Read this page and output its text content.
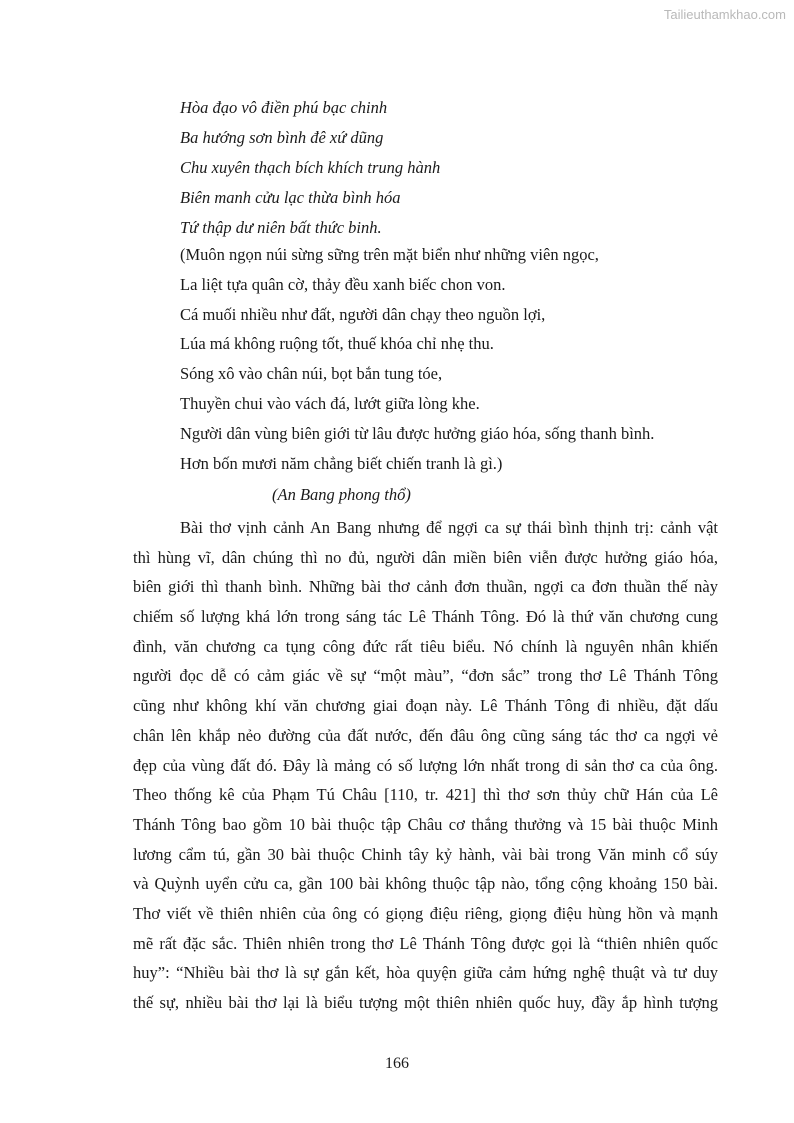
Tailieuthamkhao.com
Hòa đạo vô điền phú bạc chinh
Ba hướng sơn bình đê xứ dũng
Chu xuyên thạch bích khích trung hành
Biên manh cửu lạc thừa bình hóa
Tứ thập dư niên bất thức binh.
(Muôn ngọn núi sừng sững trên mặt biển như những viên ngọc,
La liệt tựa quân cờ, thảy đều xanh biếc chon von.
Cá muối nhiều như đất, người dân chạy theo nguồn lợi,
Lúa má không ruộng tốt, thuế khóa chỉ nhẹ thu.
Sóng xô vào chân núi, bọt bắn tung tóe,
Thuyền chui vào vách đá, lướt giữa lòng khe.
Người dân vùng biên giới từ lâu được hưởng giáo hóa, sống thanh bình.
Hơn bốn mươi năm chẳng biết chiến tranh là gì.)
(An Bang phong thổ)
Bài thơ vịnh cảnh An Bang nhưng để ngợi ca sự thái bình thịnh trị: cảnh vật
thì hùng vĩ, dân chúng thì no đủ, người dân miền biên viễn được hưởng giáo hóa,
biên giới thì thanh bình. Những bài thơ cảnh đơn thuần, ngợi ca đơn thuần thế này
chiếm số lượng khá lớn trong sáng tác Lê Thánh Tông. Đó là thứ văn chương cung
đình, văn chương ca tụng công đức rất tiêu biểu. Nó chính là nguyên nhân khiến
người đọc dễ có cảm giác về sự “một màu”, “đơn sắc” trong thơ Lê Thánh Tông
cũng như không khí văn chương giai đoạn này. Lê Thánh Tông đi nhiều, đặt dấu
chân lên khắp nẻo đường của đất nước, đến đâu ông cũng sáng tác thơ ca ngợi vẻ
đẹp của vùng đất đó. Đây là mảng có số lượng lớn nhất trong di sản thơ ca của ông.
Theo thống kê của Phạm Tú Châu [110, tr. 421] thì thơ sơn thủy chữ Hán của Lê
Thánh Tông bao gồm 10 bài thuộc tập Châu cơ thắng thưởng và 15 bài thuộc Minh
lương cẩm tú, gần 30 bài thuộc Chinh tây kỷ hành, vài bài trong Văn minh cổ súy
và Quỳnh uyển cửu ca, gần 100 bài không thuộc tập nào, tổng cộng khoảng 150 bài.
Thơ viết về thiên nhiên của ông có giọng điệu riêng, giọng điệu hùng hồn và mạnh
mẽ rất đặc sắc. Thiên nhiên trong thơ Lê Thánh Tông được gọi là “thiên nhiên quốc
huy”: “Nhiều bài thơ là sự gắn kết, hòa quyện giữa cảm hứng nghệ thuật và tư duy
thế sự, nhiều bài thơ lại là biểu tượng một thiên nhiên quốc huy, đầy ắp hình tượng
166
